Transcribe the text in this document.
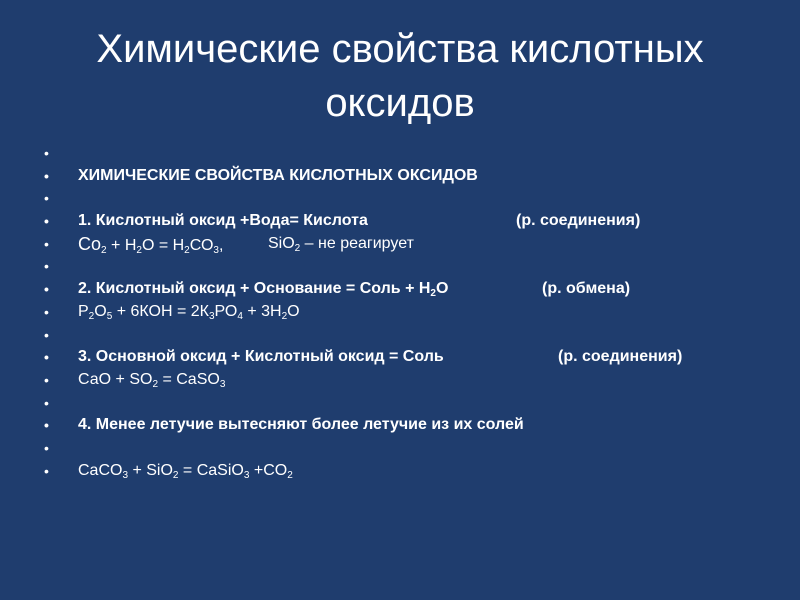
Химические свойства кислотных
оксидов
•
• ХИМИЧЕСКИЕ СВОЙСТВА КИСЛОТНЫХ ОКСИДОВ
•
• 1. Кислотный оксид +Вода= Кислота	(р. соединения)
• $Со_2 + Н_2О = Н_2СО_3$,	SiO$_2$ – не реагирует
•
• 2. Кислотный оксид + Основание = Соль + $Н_2О$	(р. обмена)
• $Р_2О_5 + 6КОН = 2К_3РО_4 + 3Н_2О$
•
• 3. Основной оксид + Кислотный оксид = Соль	(р. соединения)
• СаО + $SO_2$ = CaSO$_3$
•
• 4. Менее летучие вытесняют более летучие из их солей
•
• CaCO$_3$ + SiO$_2$ = CaSiO$_3$ $+CO_2$
